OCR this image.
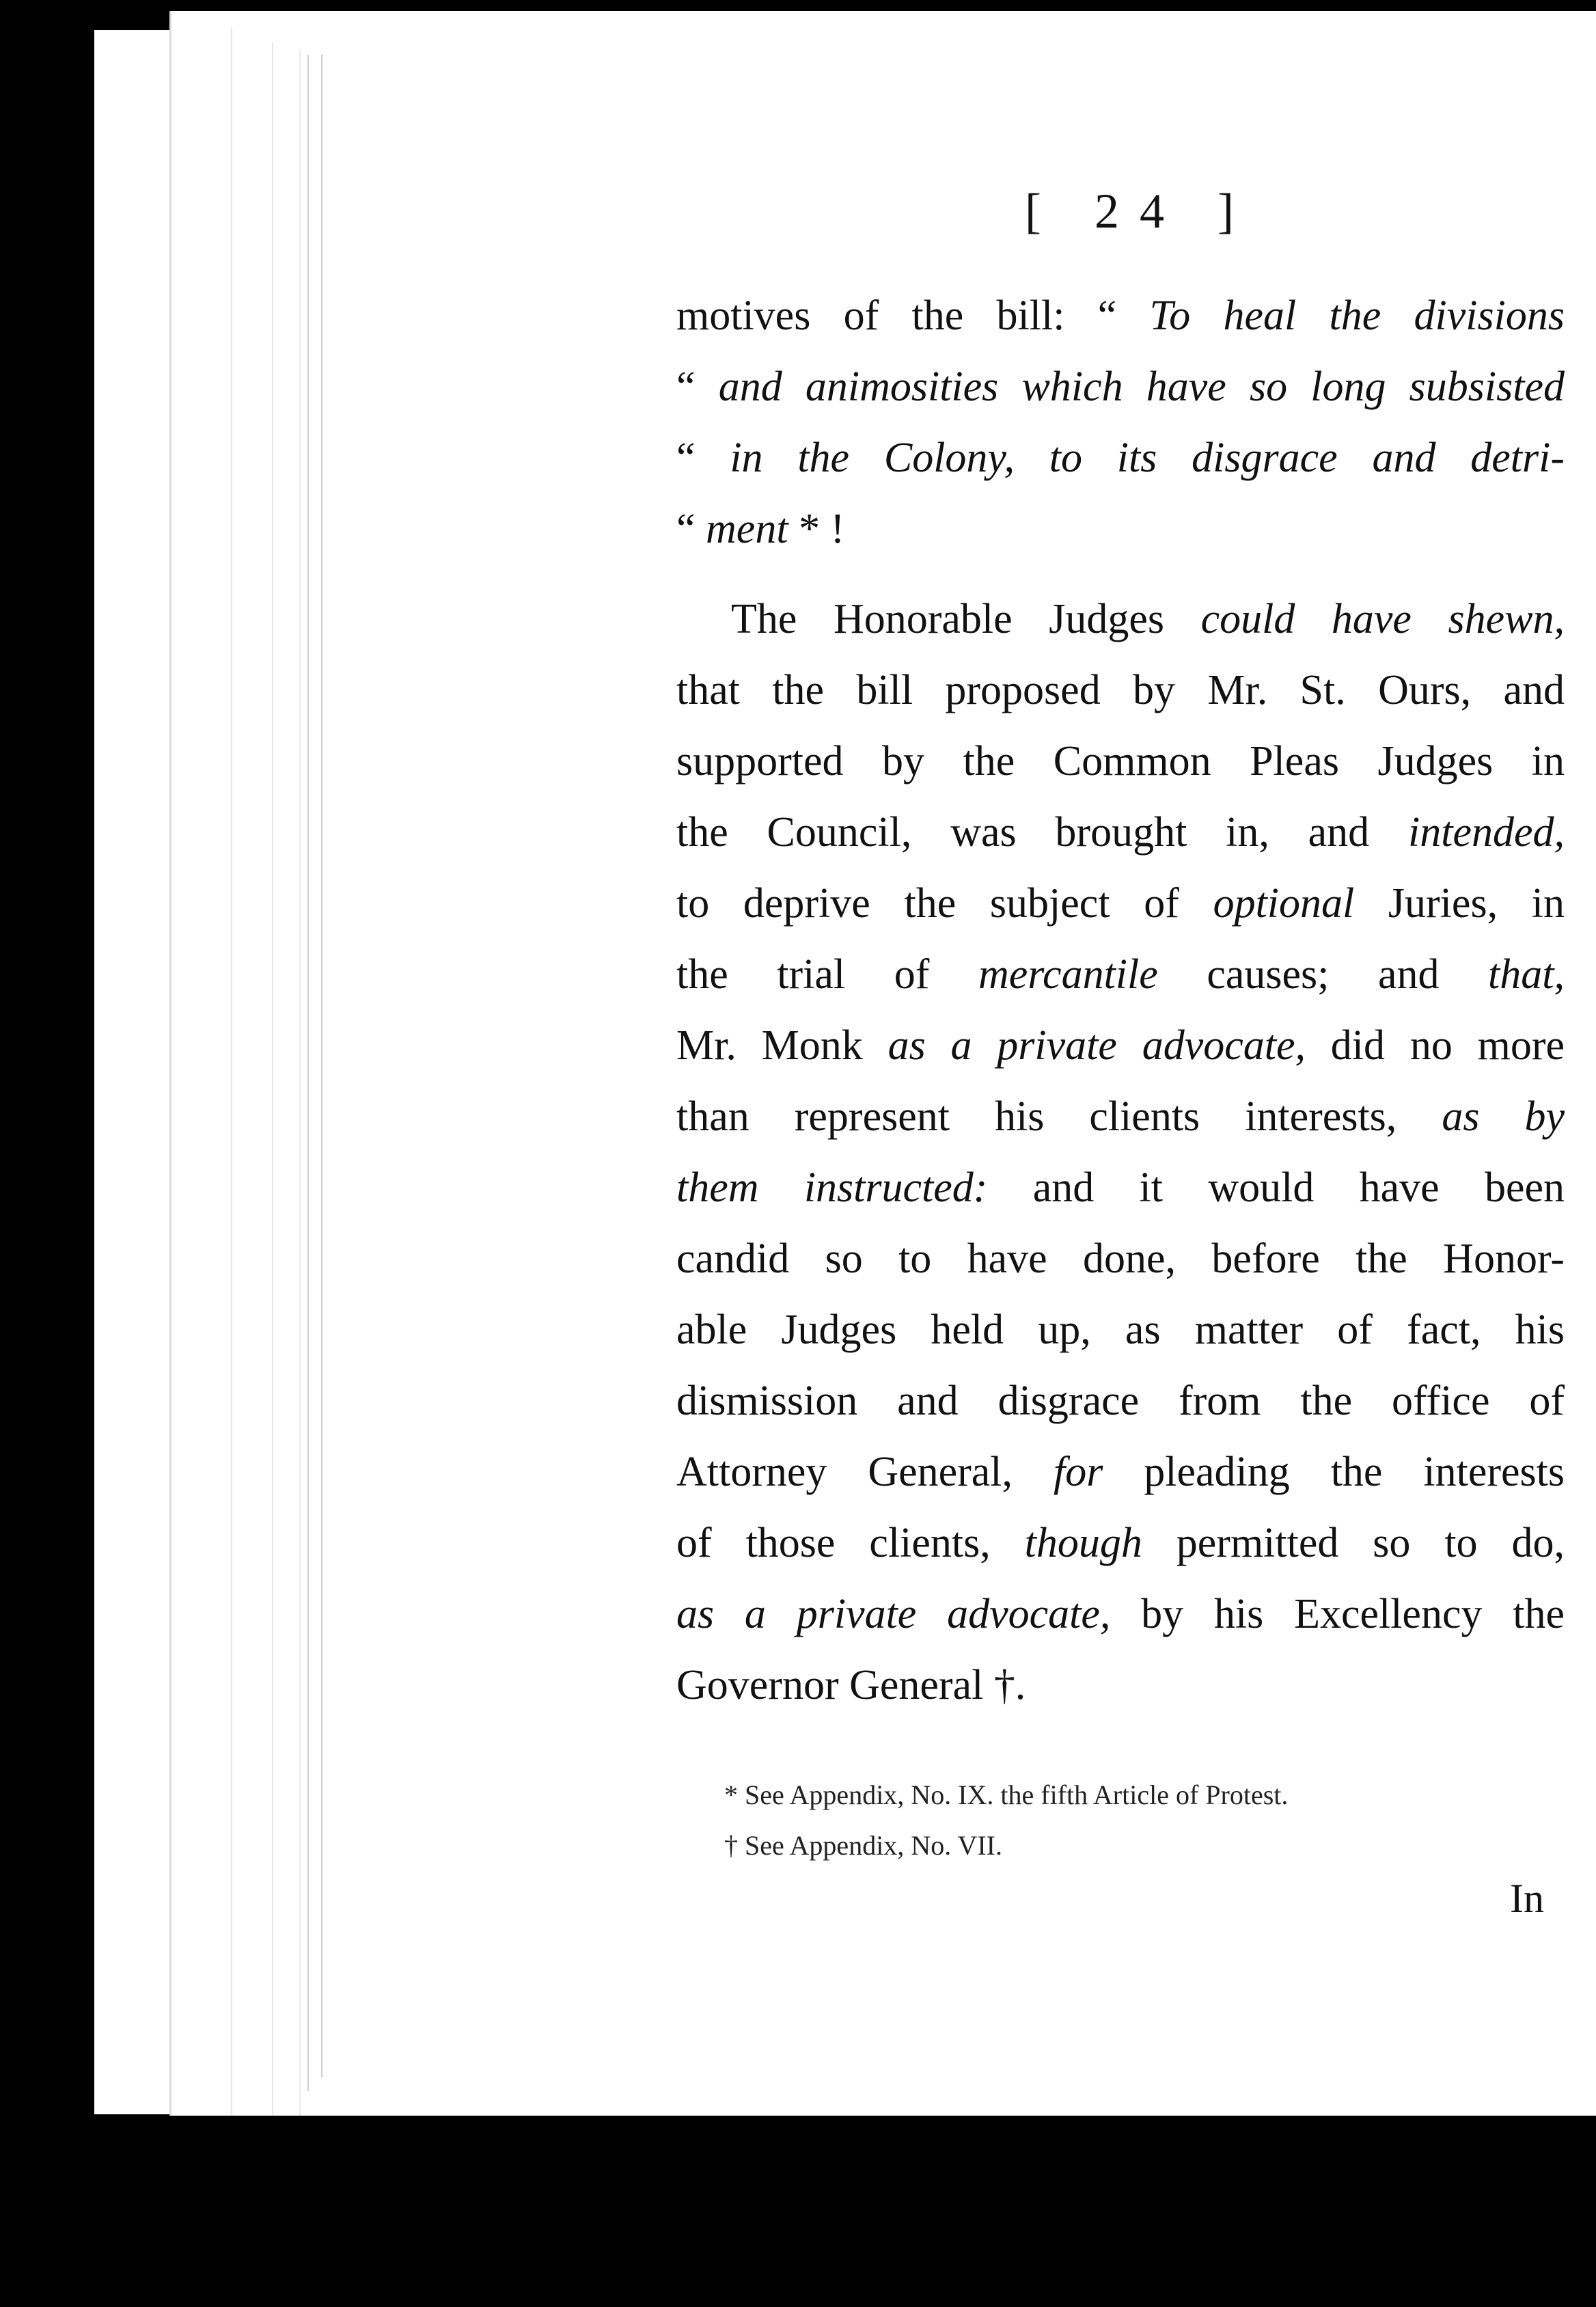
[ 24 ]
motives of the bill: “ To heal the divisions
“ and animosities which have so long subsisted
“ in the Colony, to its disgrace and detri-
“ ment * !
The Honorable Judges could have shewn,
that the bill proposed by Mr. St. Ours, and
supported by the Common Pleas Judges in
the Council, was brought in, and intended,
to deprive the subject of optional Juries, in
the trial of mercantile causes; and that,
Mr. Monk as a private advocate, did no more
than represent his clients interests, as by
them instructed: and it would have been
candid so to have done, before the Honor-
able Judges held up, as matter of fact, his
dismission and disgrace from the office of
Attorney General, for pleading the interests
of those clients, though permitted so to do,
as a private advocate, by his Excellency the
Governor General †.
* See Appendix, No. IX. the fifth Article of Protest.
† See Appendix, No. VII.
In
